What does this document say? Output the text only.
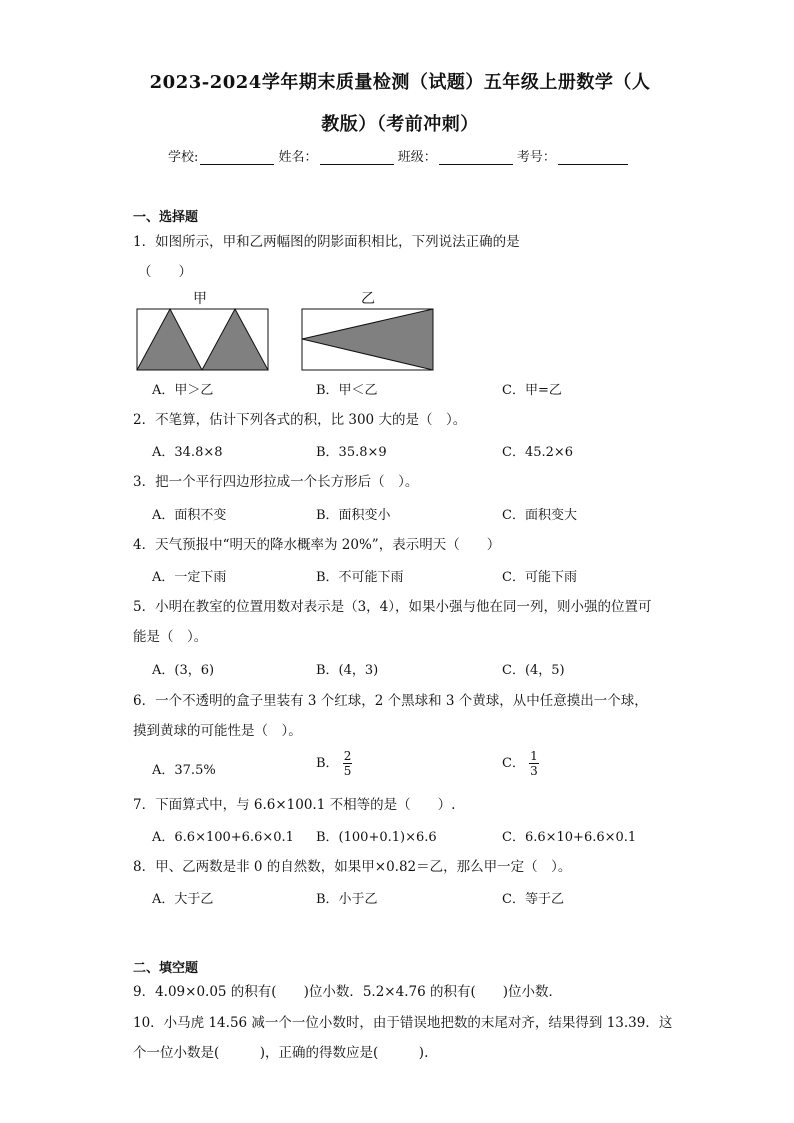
2023-2024学年期末质量检测（试题）五年级上册数学（人
教版）（考前冲刺）
学校:	姓名：	班级：	考号：
一、选择题
1．如图所示，甲和乙两幅图的阴影面积相比，下列说法正确的是
（　　）
甲	乙
A．甲＞乙	B．甲＜乙	C．甲=乙
2．不笔算，估计下列各式的积，比 300 大的是（　）。
A．34.8×8	B．35.8×9	C．45.2×6
3．把一个平行四边形拉成一个长方形后（　）。
A．面积不变	B．面积变小	C．面积变大
4．天气预报中“明天的降水概率为 20%”，表示明天（　　）
A．一定下雨	B．不可能下雨	C．可能下雨
5．小明在教室的位置用数对表示是（3，4），如果小强与他在同一列，则小强的位置可
能是（　）。
A．(3，6)	B．(4，3)	C．(4，5)
6．一个不透明的盒子里装有 3 个红球，2 个黑球和 3 个黄球，从中任意摸出一个球，
摸到黄球的可能性是（　）。
A．37.5%	B． $\frac{2}{5}$	C． $\frac{1}{3}$
7．下面算式中，与 6.6×100.1 不相等的是（　　）.
A．6.6×100+6.6×0.1 B．(100+0.1)×6.6	C．6.6×10+6.6×0.1
8．甲、乙两数是非 0 的自然数，如果甲×0.82＝乙，那么甲一定（　）。
A．大于乙	B．小于乙	C．等于乙
二、填空题
9．4.09×0.05 的积有(　　)位小数．5.2×4.76 的积有(　　)位小数．
10．小马虎 14.56 减一个一位小数时，由于错误地把数的末尾对齐，结果得到 13.39．这
个一位小数是(　　　)，正确的得数应是(　　　).
